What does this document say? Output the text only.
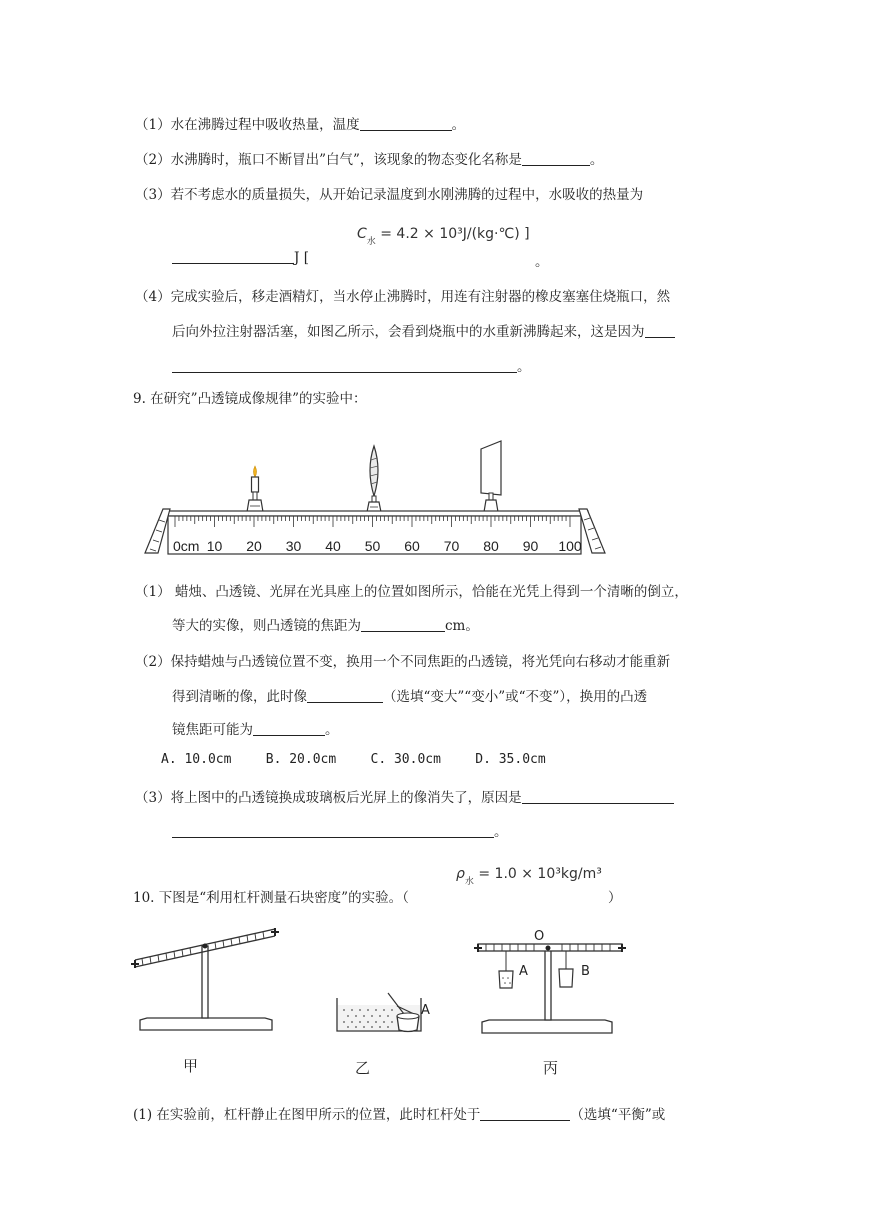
（1）水在沸腾过程中吸收热量，温度	。
（2）水沸腾时，瓶口不断冒出”白气”，该现象的物态变化名称是	。
（3）若不考虑水的质量损失，从开始记录温度到水刚沸腾的过程中，水吸收的热量为
$C_水 = 4.2$ × 10³J/(kg·℃) ]
J [	。
（4）完成实验后，移走酒精灯，当水停止沸腾时，用连有注射器的橡皮塞塞住烧瓶口，然
后向外拉注射器活塞，如图乙所示，会看到烧瓶中的水重新沸腾起来，这是因为
。
9. 在研究”凸透镜成像规律”的实验中：
0cm 10 20 30 40 50 60 70 80 90 100
（1） 蜡烛、凸透镜、光屏在光具座上的位置如图所示，恰能在光凭上得到一个清晰的倒立，
等大的实像，则凸透镜的焦距为	cm。
（2）保持蜡烛与凸透镜位置不变，换用一个不同焦距的凸透镜，将光凭向右移动才能重新
得到清晰的像，此时像	（选填“变大”“变小”或“不变”），换用的凸透
镜焦距可能为	。
A. 10.0cm	B. 20.0cm	C. 30.0cm	D. 35.0cm
（3）将上图中的凸透镜换成玻璃板后光屏上的像消失了，原因是
。
$\rho_水 = 1.0 \times 10^3kg/m^3$
10. 下图是“利用杠杆测量石块密度”的实验。（	）
O
A	B
A
甲	乙	丙
(1) 在实验前，杠杆静止在图甲所示的位置，此时杠杆处于	（选填“平衡”或
